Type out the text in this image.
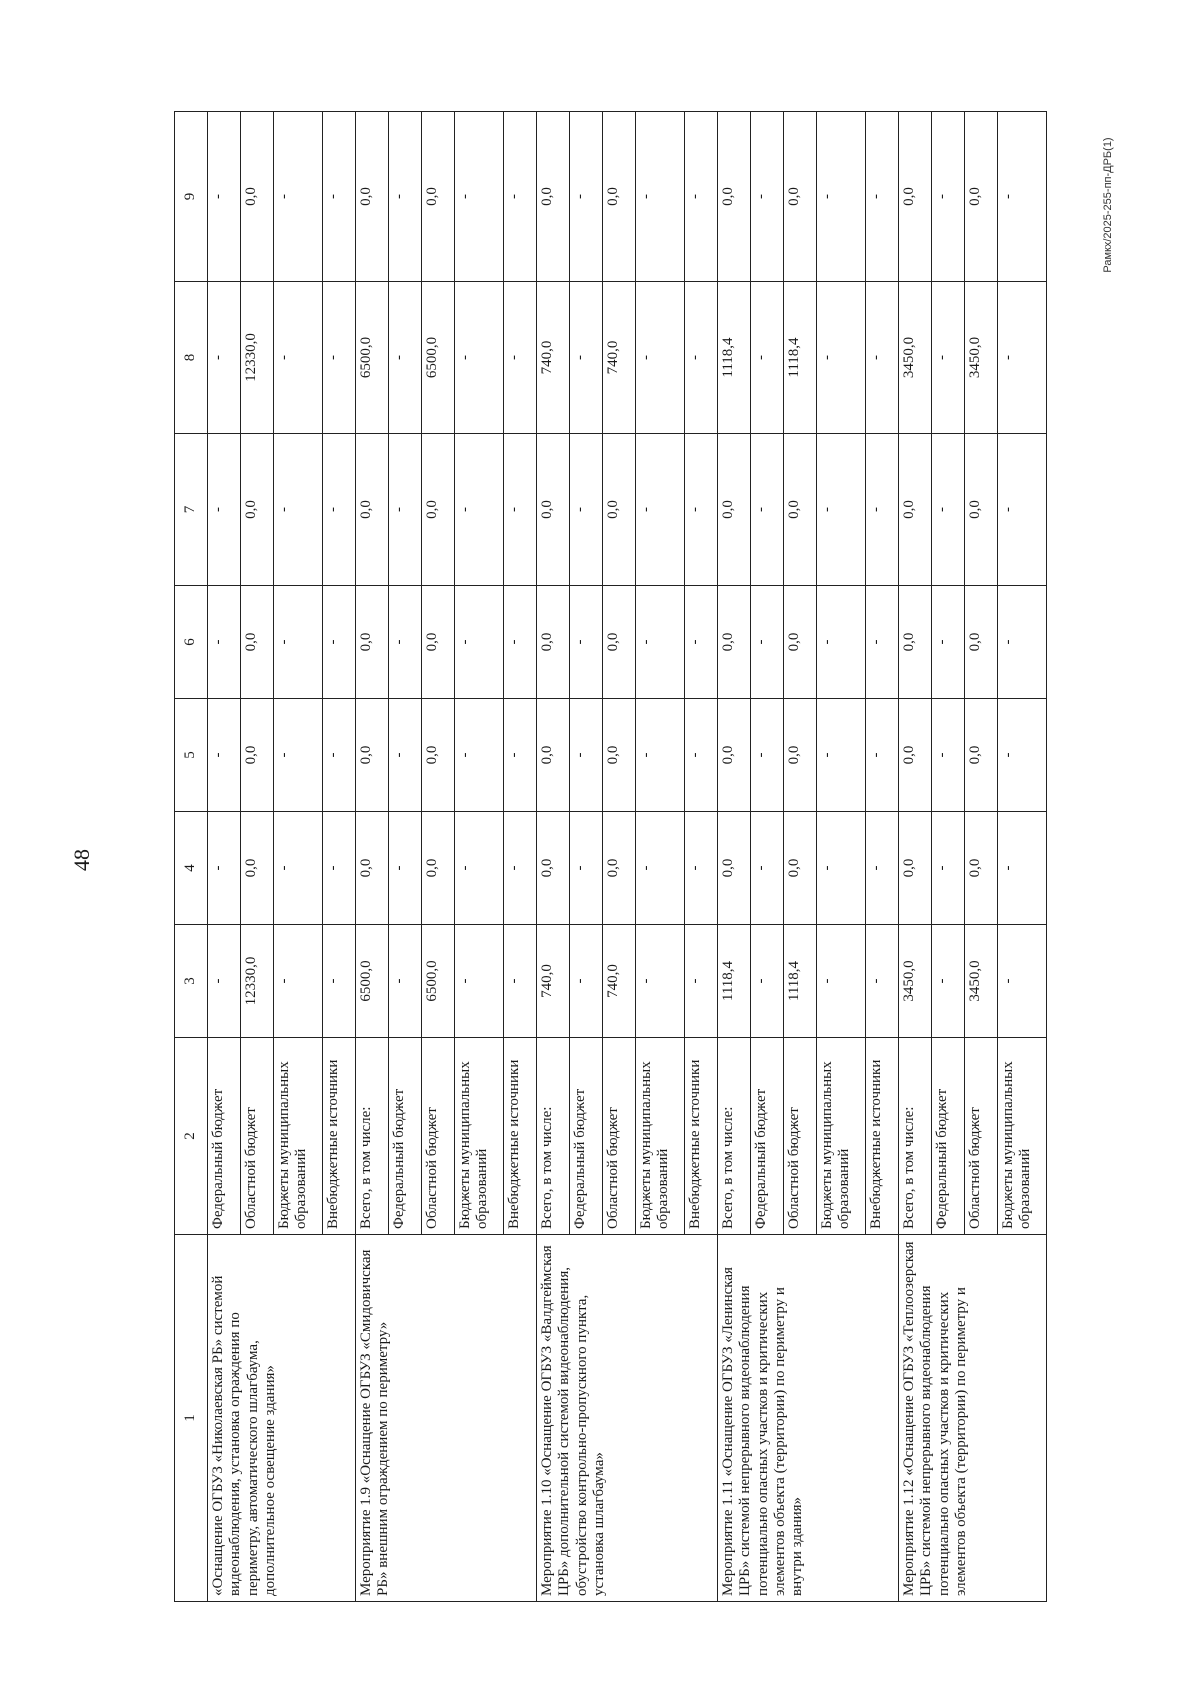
48
Рамкх/2025-255-пп-ДРБ(1)
1	2	3	4	5	6	7	8	9
«Оснащение ОГБУЗ «Николаевская РБ» системой видеонаблюдения, установка ограждения по периметру, автоматического шлагбаума, дополнительное освещение здания»	Федеральный бюджет	-	-	-	-	-	-	-
	Областной бюджет	12330,0	0,0	0,0	0,0	0,0	12330,0	0,0
	Бюджеты муниципальных образований	-	-	-	-	-	-	-
	Внебюджетные источники	-	-	-	-	-	-	-
Мероприятие 1.9 «Оснащение ОГБУЗ «Смидовичская РБ» внешним ограждением по периметру»	Всего, в том числе:	6500,0	0,0	0,0	0,0	0,0	6500,0	0,0
	Федеральный бюджет	-	-	-	-	-	-	-
	Областной бюджет	6500,0	0,0	0,0	0,0	0,0	6500,0	0,0
	Бюджеты муниципальных образований	-	-	-	-	-	-	-
	Внебюджетные источники	-	-	-	-	-	-	-
Мероприятие 1.10 «Оснащение ОГБУЗ «Валдгеймская ЦРБ» дополнительной системой видеонаблюдения, обустройство контрольно-пропускного пункта, установка шлагбаума»	Всего, в том числе:	740,0	0,0	0,0	0,0	0,0	740,0	0,0
	Федеральный бюджет	-	-	-	-	-	-	-
	Областной бюджет	740,0	0,0	0,0	0,0	0,0	740,0	0,0
	Бюджеты муниципальных образований	-	-	-	-	-	-	-
	Внебюджетные источники	-	-	-	-	-	-	-
Мероприятие 1.11 «Оснащение ОГБУЗ «Ленинская ЦРБ» системой непрерывного видеонаблюдения потенциально опасных участков и критических элементов объекта (территории) по периметру и внутри здания»	Всего, в том числе:	1118,4	0,0	0,0	0,0	0,0	1118,4	0,0
	Федеральный бюджет	-	-	-	-	-	-	-
	Областной бюджет	1118,4	0,0	0,0	0,0	0,0	1118,4	0,0
	Бюджеты муниципальных образований	-	-	-	-	-	-	-
	Внебюджетные источники	-	-	-	-	-	-	-
Мероприятие 1.12 «Оснащение ОГБУЗ «Теплоозерская ЦРБ» системой непрерывного видеонаблюдения потенциально опасных участков и критических элементов объекта (территории) по периметру и	Всего, в том числе:	3450,0	0,0	0,0	0,0	0,0	3450,0	0,0
	Федеральный бюджет	-	-	-	-	-	-	-
	Областной бюджет	3450,0	0,0	0,0	0,0	0,0	3450,0	0,0
	Бюджеты муниципальных образований	-	-	-	-	-	-	-
